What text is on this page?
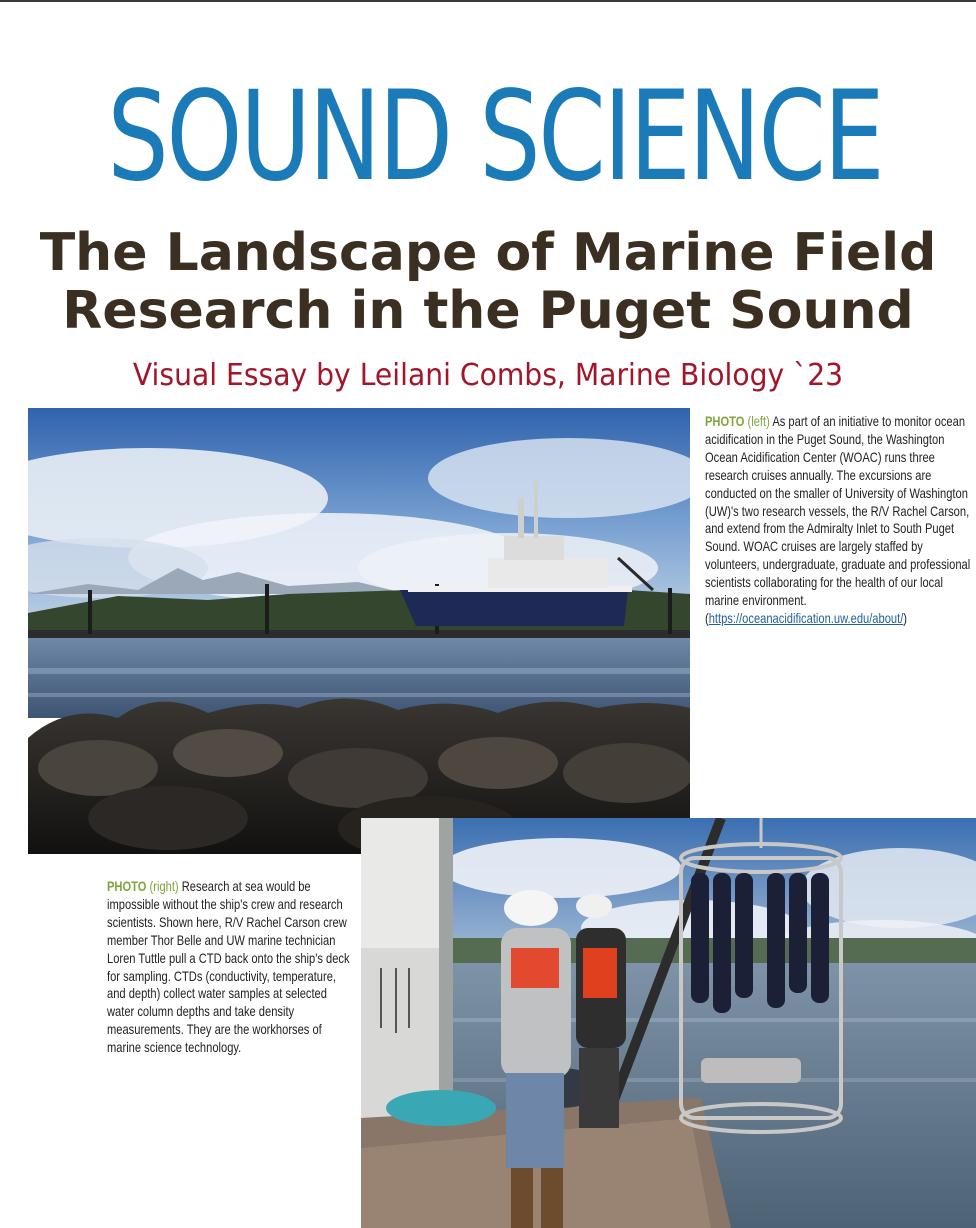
SOUND SCIENCE
The Landscape of Marine Field
Research in the Puget Sound
Visual Essay by Leilani Combs, Marine Biology `23
PHOTO (left) As part of an initiative to monitor ocean acidification in the Puget Sound, the Washington Ocean Acidification Center (WOAC) runs three research cruises annually. The excursions are conducted on the smaller of University of Washington (UW)'s two research vessels, the R/V Rachel Carson, and extend from the Admiralty Inlet to South Puget Sound. WOAC cruises are largely staffed by volunteers, undergraduate, graduate and professional scientists collaborating for the health of our local marine environment. (https://oceanacidification.uw.edu/about/)
PHOTO (right) Research at sea would be impossible without the ship's crew and research scientists. Shown here, R/V Rachel Carson crew member Thor Belle and UW marine technician Loren Tuttle pull a CTD back onto the ship's deck for sampling. CTDs (conductivity, temperature, and depth) collect water samples at selected water column depths and take density measurements. They are the workhorses of marine science technology.
